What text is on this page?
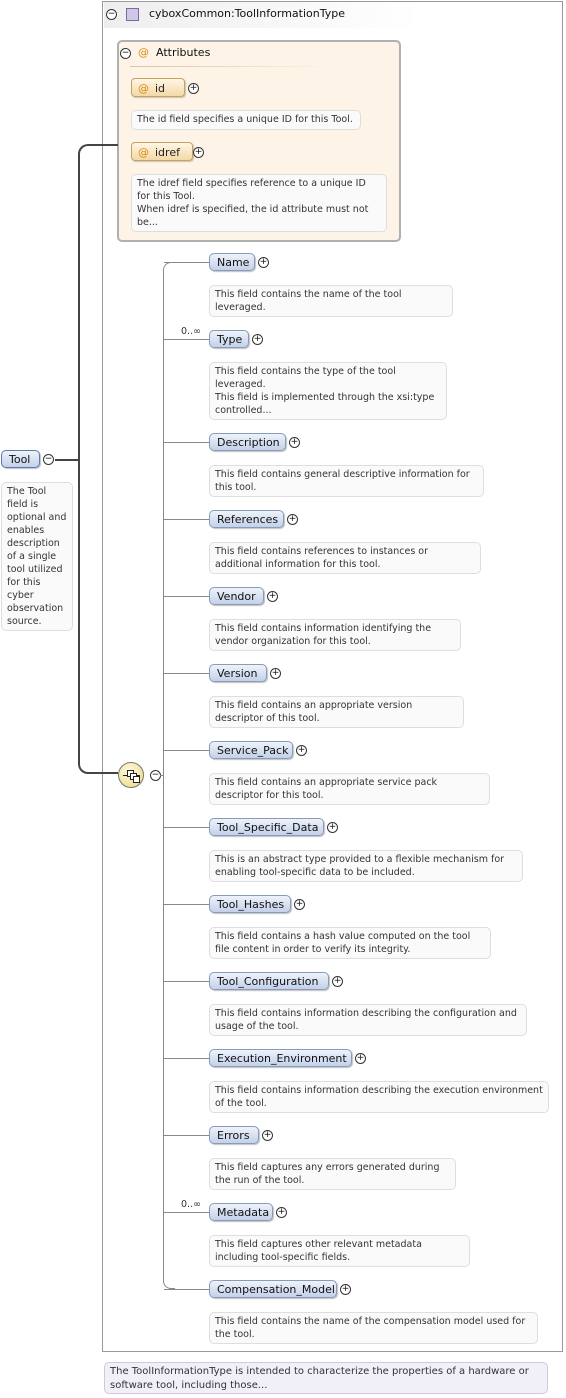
−	cyboxCommon:ToolInformationType
− @ Attributes
@ id	+
The id field specifies a unique ID for this Tool.
@ idref	+
The idref field specifies reference to a unique ID for this Tool.
When idref is specified, the id attribute must not be...
Tool	−
The Tool field is optional and enables description of a single tool utilized for this cyber observation source.
−
Name	+
This field contains the name of the tool leveraged.
0..∞
Type	+
This field contains the type of the tool leveraged.
This field is implemented through the xsi:type controlled...
Description	+
This field contains general descriptive information for this tool.
References	+
This field contains references to instances or additional information for this tool.
Vendor	+
This field contains information identifying the vendor organization for this tool.
Version	+
This field contains an appropriate version descriptor of this tool.
Service_Pack	+
This field contains an appropriate service pack descriptor for this tool.
Tool_Specific_Data	+
This is an abstract type provided to a flexible mechanism for enabling tool-specific data to be included.
Tool_Hashes	+
This field contains a hash value computed on the tool file content in order to verify its integrity.
Tool_Configuration	+
This field contains information describing the configuration and usage of the tool.
Execution_Environment	+
This field contains information describing the execution environment of the tool.
Errors	+
This field captures any errors generated during the run of the tool.
0..∞
Metadata +
This field captures other relevant metadata including tool-specific fields.
Compensation_Model +
This field contains the name of the compensation model used for the tool.
The ToolInformationType is intended to characterize the properties of a hardware or software tool, including those...
